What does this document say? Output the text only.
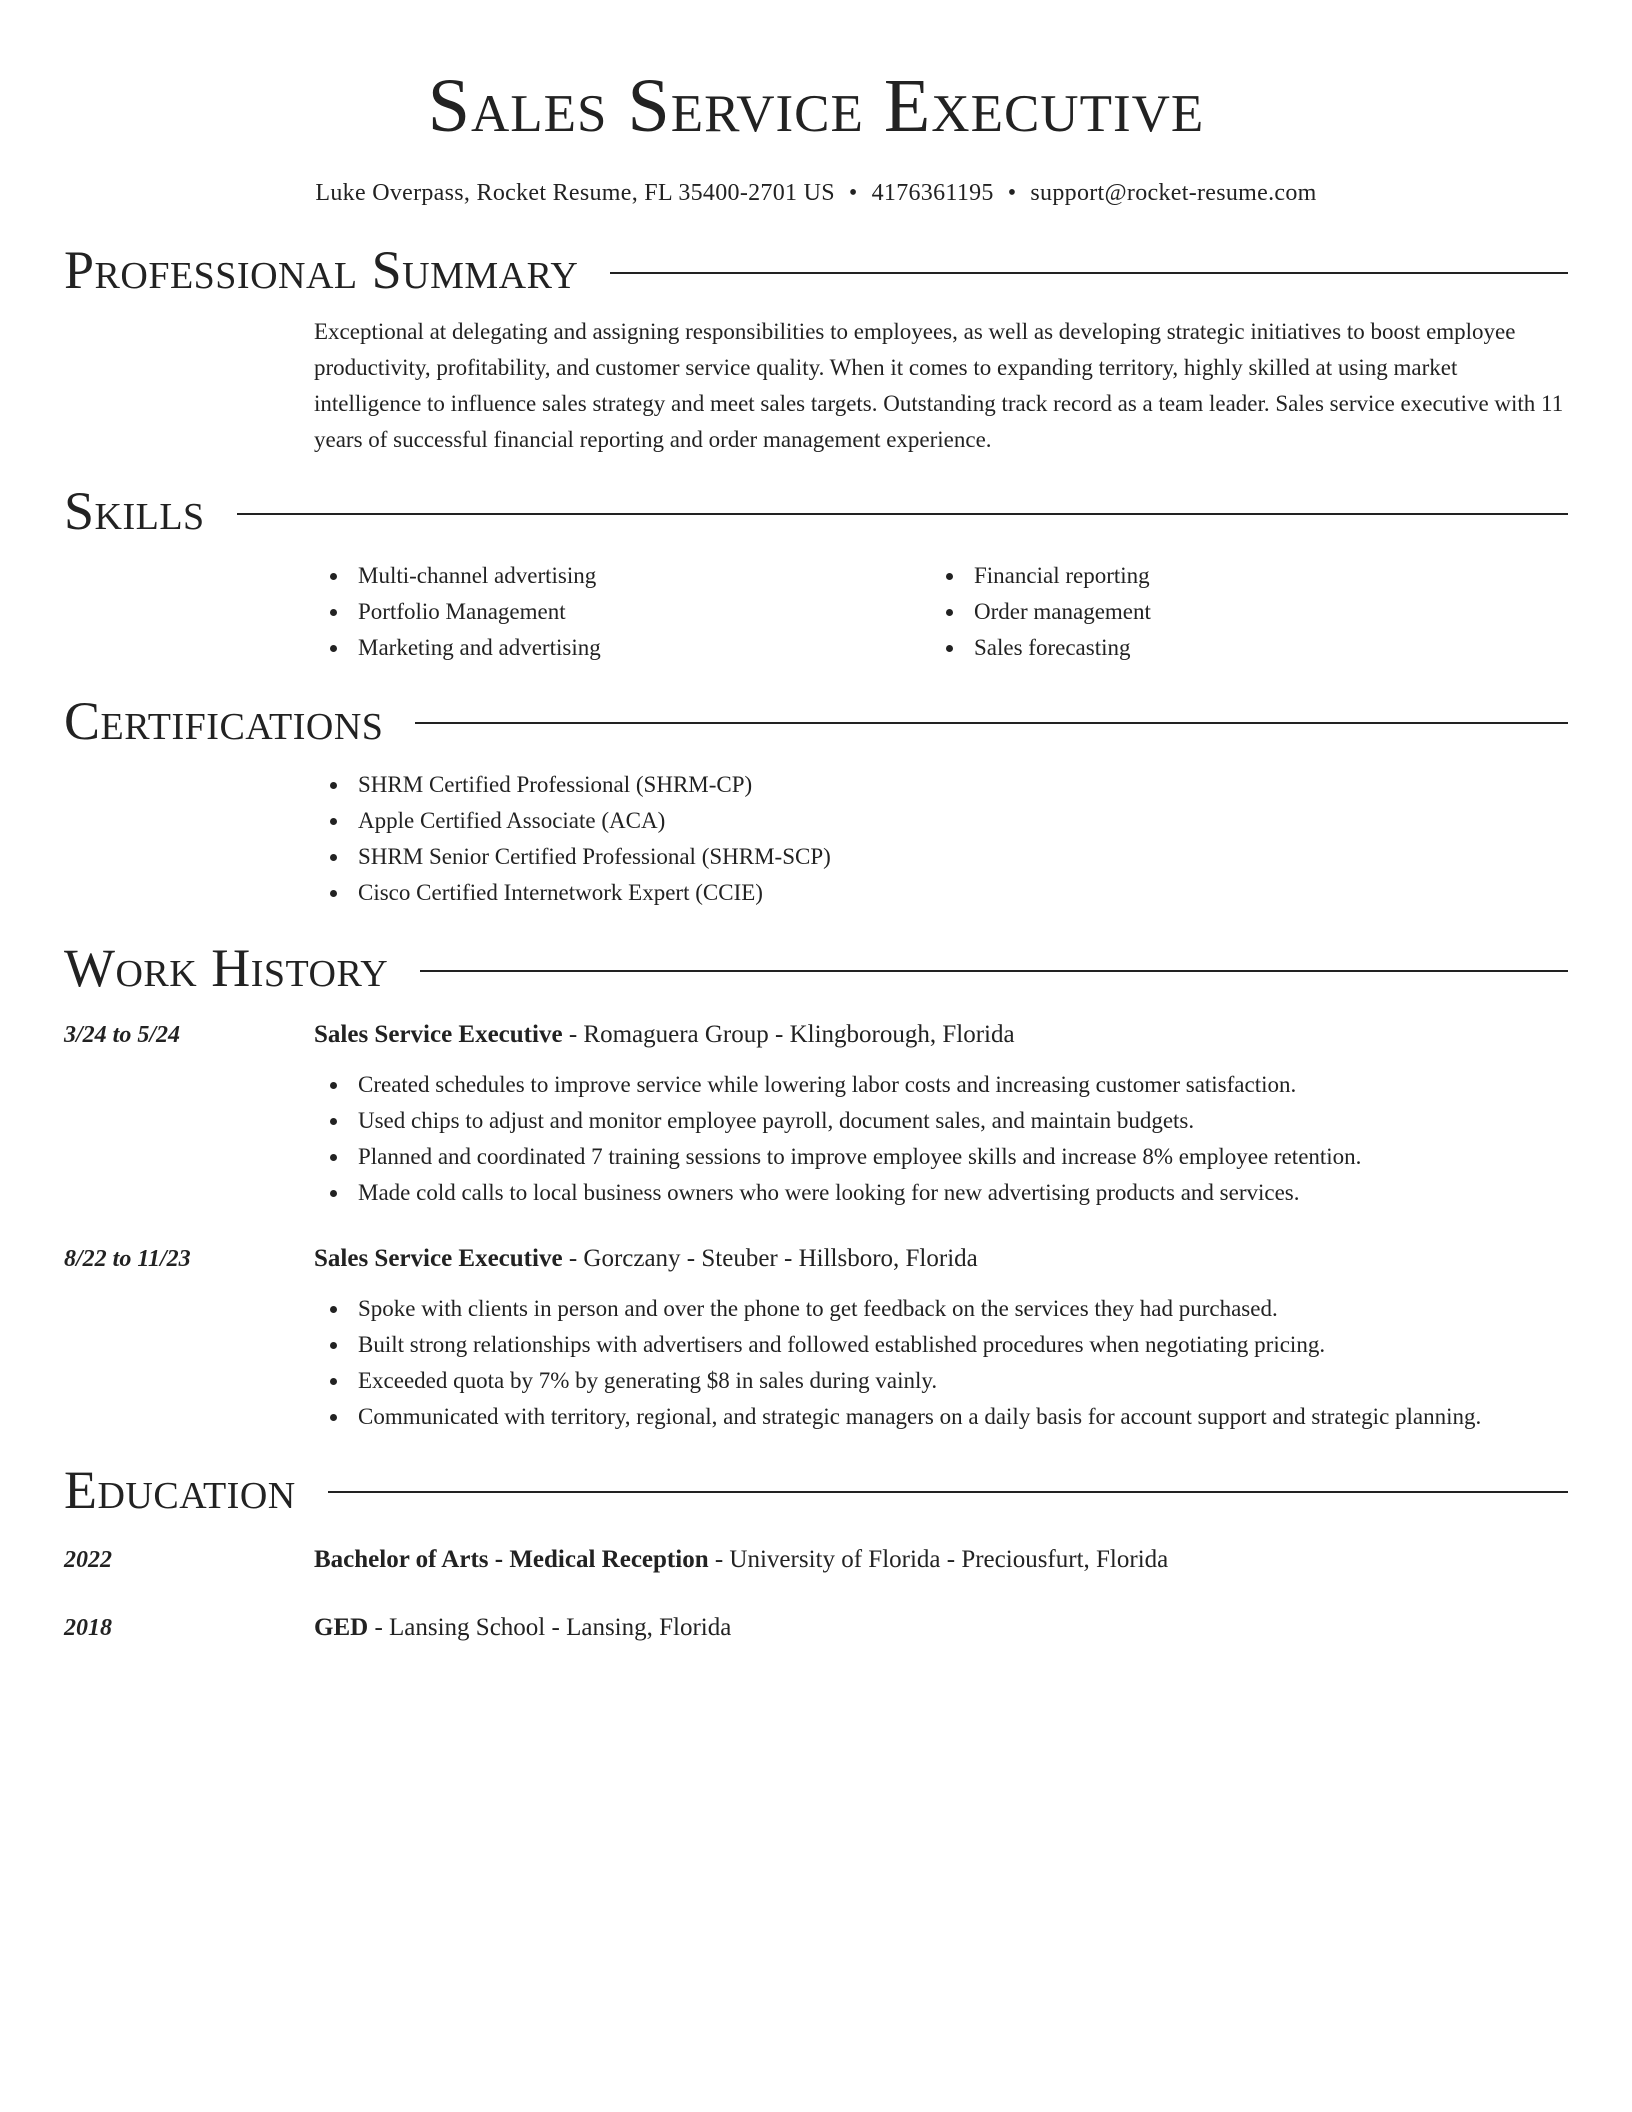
Sales Service Executive
Luke Overpass, Rocket Resume, FL 35400-2701 US • 4176361195 • support@rocket-resume.com
Professional Summary
Exceptional at delegating and assigning responsibilities to employees, as well as developing strategic initiatives to boost employee productivity, profitability, and customer service quality. When it comes to expanding territory, highly skilled at using market intelligence to influence sales strategy and meet sales targets. Outstanding track record as a team leader. Sales service executive with 11 years of successful financial reporting and order management experience.
Skills
Multi-channel advertising
Portfolio Management
Marketing and advertising
Financial reporting
Order management
Sales forecasting
Certifications
SHRM Certified Professional (SHRM-CP)
Apple Certified Associate (ACA)
SHRM Senior Certified Professional (SHRM-SCP)
Cisco Certified Internetwork Expert (CCIE)
Work History
3/24 to 5/24	Sales Service Executive - Romaguera Group - Klingborough, Florida
Created schedules to improve service while lowering labor costs and increasing customer satisfaction.
Used chips to adjust and monitor employee payroll, document sales, and maintain budgets.
Planned and coordinated 7 training sessions to improve employee skills and increase 8% employee retention.
Made cold calls to local business owners who were looking for new advertising products and services.
8/22 to 11/23	Sales Service Executive - Gorczany - Steuber - Hillsboro, Florida
Spoke with clients in person and over the phone to get feedback on the services they had purchased.
Built strong relationships with advertisers and followed established procedures when negotiating pricing.
Exceeded quota by 7% by generating $8 in sales during vainly.
Communicated with territory, regional, and strategic managers on a daily basis for account support and strategic planning.
Education
2022	Bachelor of Arts - Medical Reception - University of Florida - Preciousfurt, Florida
2018	GED - Lansing School - Lansing, Florida
